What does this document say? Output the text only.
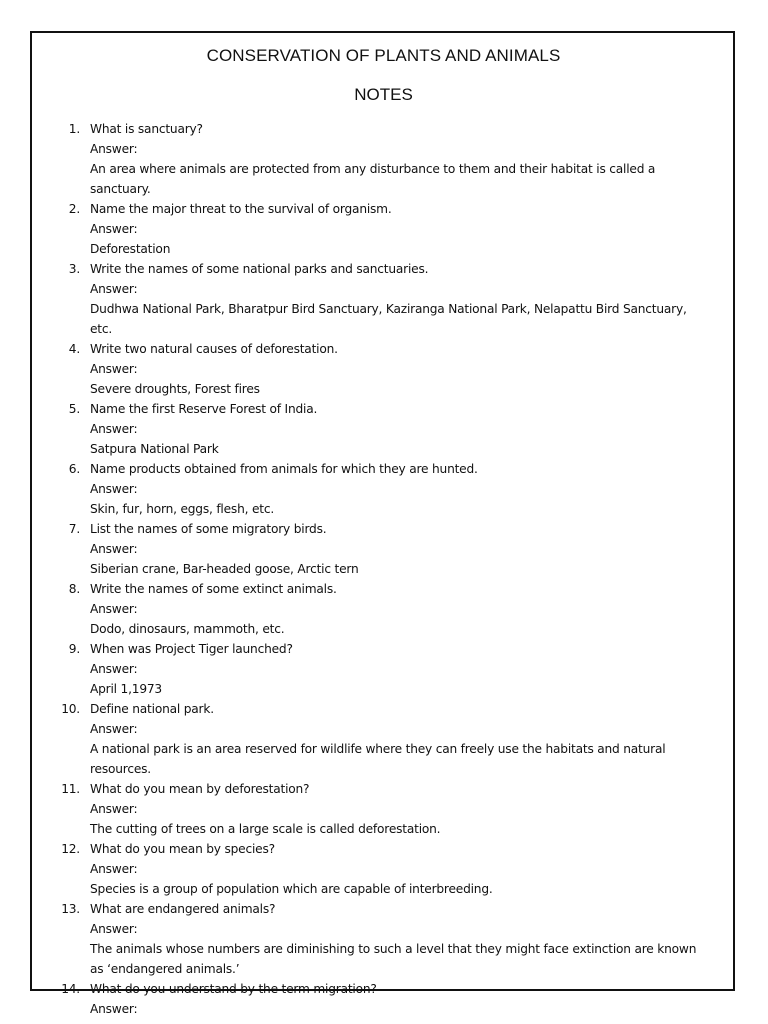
CONSERVATION OF PLANTS AND ANIMALS
NOTES
1. What is sanctuary?
Answer:
An area where animals are protected from any disturbance to them and their habitat is called a sanctuary.
2. Name the major threat to the survival of organism.
Answer:
Deforestation
3. Write the names of some national parks and sanctuaries.
Answer:
Dudhwa National Park, Bharatpur Bird Sanctuary, Kaziranga National Park, Nelapattu Bird Sanctuary, etc.
4. Write two natural causes of deforestation.
Answer:
Severe droughts, Forest fires
5. Name the first Reserve Forest of India.
Answer:
Satpura National Park
6. Name products obtained from animals for which they are hunted.
Answer:
Skin, fur, horn, eggs, flesh, etc.
7. List the names of some migratory birds.
Answer:
Siberian crane, Bar-headed goose, Arctic tern
8. Write the names of some extinct animals.
Answer:
Dodo, dinosaurs, mammoth, etc.
9. When was Project Tiger launched?
Answer:
April 1,1973
10. Define national park.
Answer:
A national park is an area reserved for wildlife where they can freely use the habitats and natural resources.
11. What do you mean by deforestation?
Answer:
The cutting of trees on a large scale is called deforestation.
12. What do you mean by species?
Answer:
Species is a group of population which are capable of interbreeding.
13. What are endangered animals?
Answer:
The animals whose numbers are diminishing to such a level that they might face extinction are known as ‘endangered animals.’
14. What do you understand by the term migration?
Answer:
